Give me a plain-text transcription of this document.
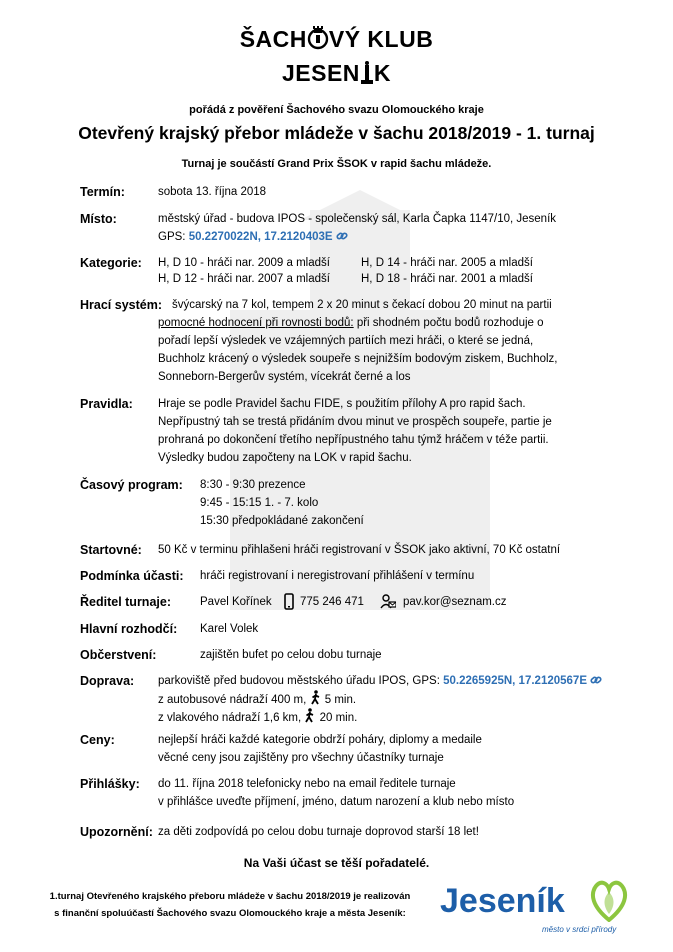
ŠACH VÝ KLUB
JESEN K
pořádá z pověření Šachového svazu Olomouckého kraje
Otevřený krajský přebor mládeže v šachu 2018/2019 - 1. turnaj
Turnaj je součástí Grand Prix ŠSOK v rapid šachu mládeže.
Termín:	sobota 13. října 2018
Místo:	městský úřad - budova IPOS - společenský sál, Karla Čapka 1147/10, Jeseník
GPS: 50.2270022N, 17.2120403E
Kategorie: H, D 10 - hráči nar. 2009 a mladší	H, D 14 - hráči nar. 2005 a mladší
H, D 12 - hráči nar. 2007 a mladší	H, D 18 - hráči nar. 2001 a mladší
Hrací systém: švýcarský na 7 kol, tempem 2 x 20 minut s čekací dobou 20 minut na partii
pomocné hodnocení při rovnosti bodů: při shodném počtu bodů rozhoduje o
pořadí lepší výsledek ve vzájemných partiích mezi hráči, o které se jedná,
Buchholz krácený o výsledek soupeře s nejnižším bodovým ziskem, Buchholz,
Sonneborn-Bergerův systém, víc​ekrát černé a los
Pravidla: Hraje se podle Pravidel šachu FIDE, s použitím přílohy A pro rapid šach.
Nepřípustný tah se trestá přidáním dvou minut ve prospěch soupeře, partie je
prohraná po dokončení třetího nepřípustného tahu týmž hráčem v téže partii.
Výsledky budou započteny na LOK v rapid šachu.
Časový program: 8:30 - 9:30 prezence
9:45 - 15:15 1. - 7. kolo
15:30 předpokládané zakončení
Startovné: 50 Kč v terminu přihlašeni hráči registrovaní v ŠSOK jako aktivní, 70 Kč ostatní
Podmínka účasti: hráči registrovaní i neregistrovaní přihlášení v termínu
Ředitel turnaje:	Pavel Kořínek 775 246 471	pav.kor@seznam.cz
Hlavní rozhodčí: Karel Volek
Občerstvení:	zajištěn bufet po celou dobu turnaje
Doprava: parkoviště před budovou městského úřadu IPOS, GPS: 50.2265925N, 17.2120567E
z autobusové nádraží 400 m, 5 min.
z vlakového nádraží 1,6 km, 20 min.
Ceny:	nejlepší hráči každé kategorie obdrží poháry, diplomy a medaile
věcné ceny jsou zajištěny pro všechny účastníky turnaje
Přihlášky: do 11. října 2018 telefonicky nebo na email ředitele turnaje
v přihlášce uveďte příjmení, jméno, datum narození a klub nebo místo
Upozornění: za děti zodpovídá po celou dobu turnaje doprovod starší 18 let!
Na Vaši účast se těší pořadatelé.
1.turnaj Otevřeného krajského přeboru mládeže v šachu 2018/2019 je realizován
s finanční spoluúčastí Šachového svazu Olomouckého kraje a města Jeseník:	Jeseník
město v srdci přírody
